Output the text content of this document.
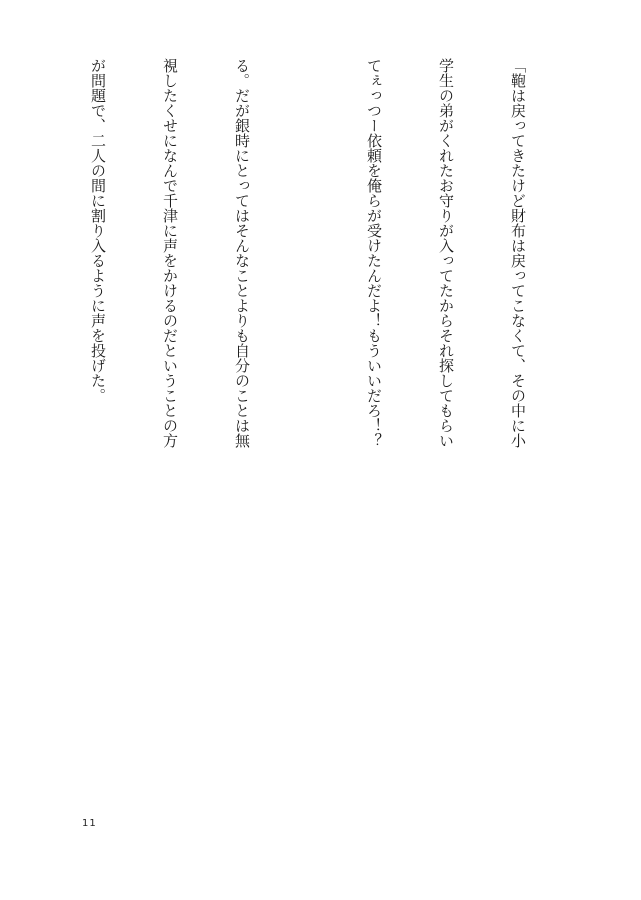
「鞄は戻ってきたけど財布は戻ってこなくて、その中に小

学生の弟がくれたお守りが入ってたからそれ探してもらい

てぇっつー依頼を俺らが受けたんだよ！もういいだろ！？

る。だが銀時にとってはそんなことよりも自分のことは無

視したくせになんで千津に声をかけるのだということの方

が問題で、二人の間に割り入るように声を投げた。

11
